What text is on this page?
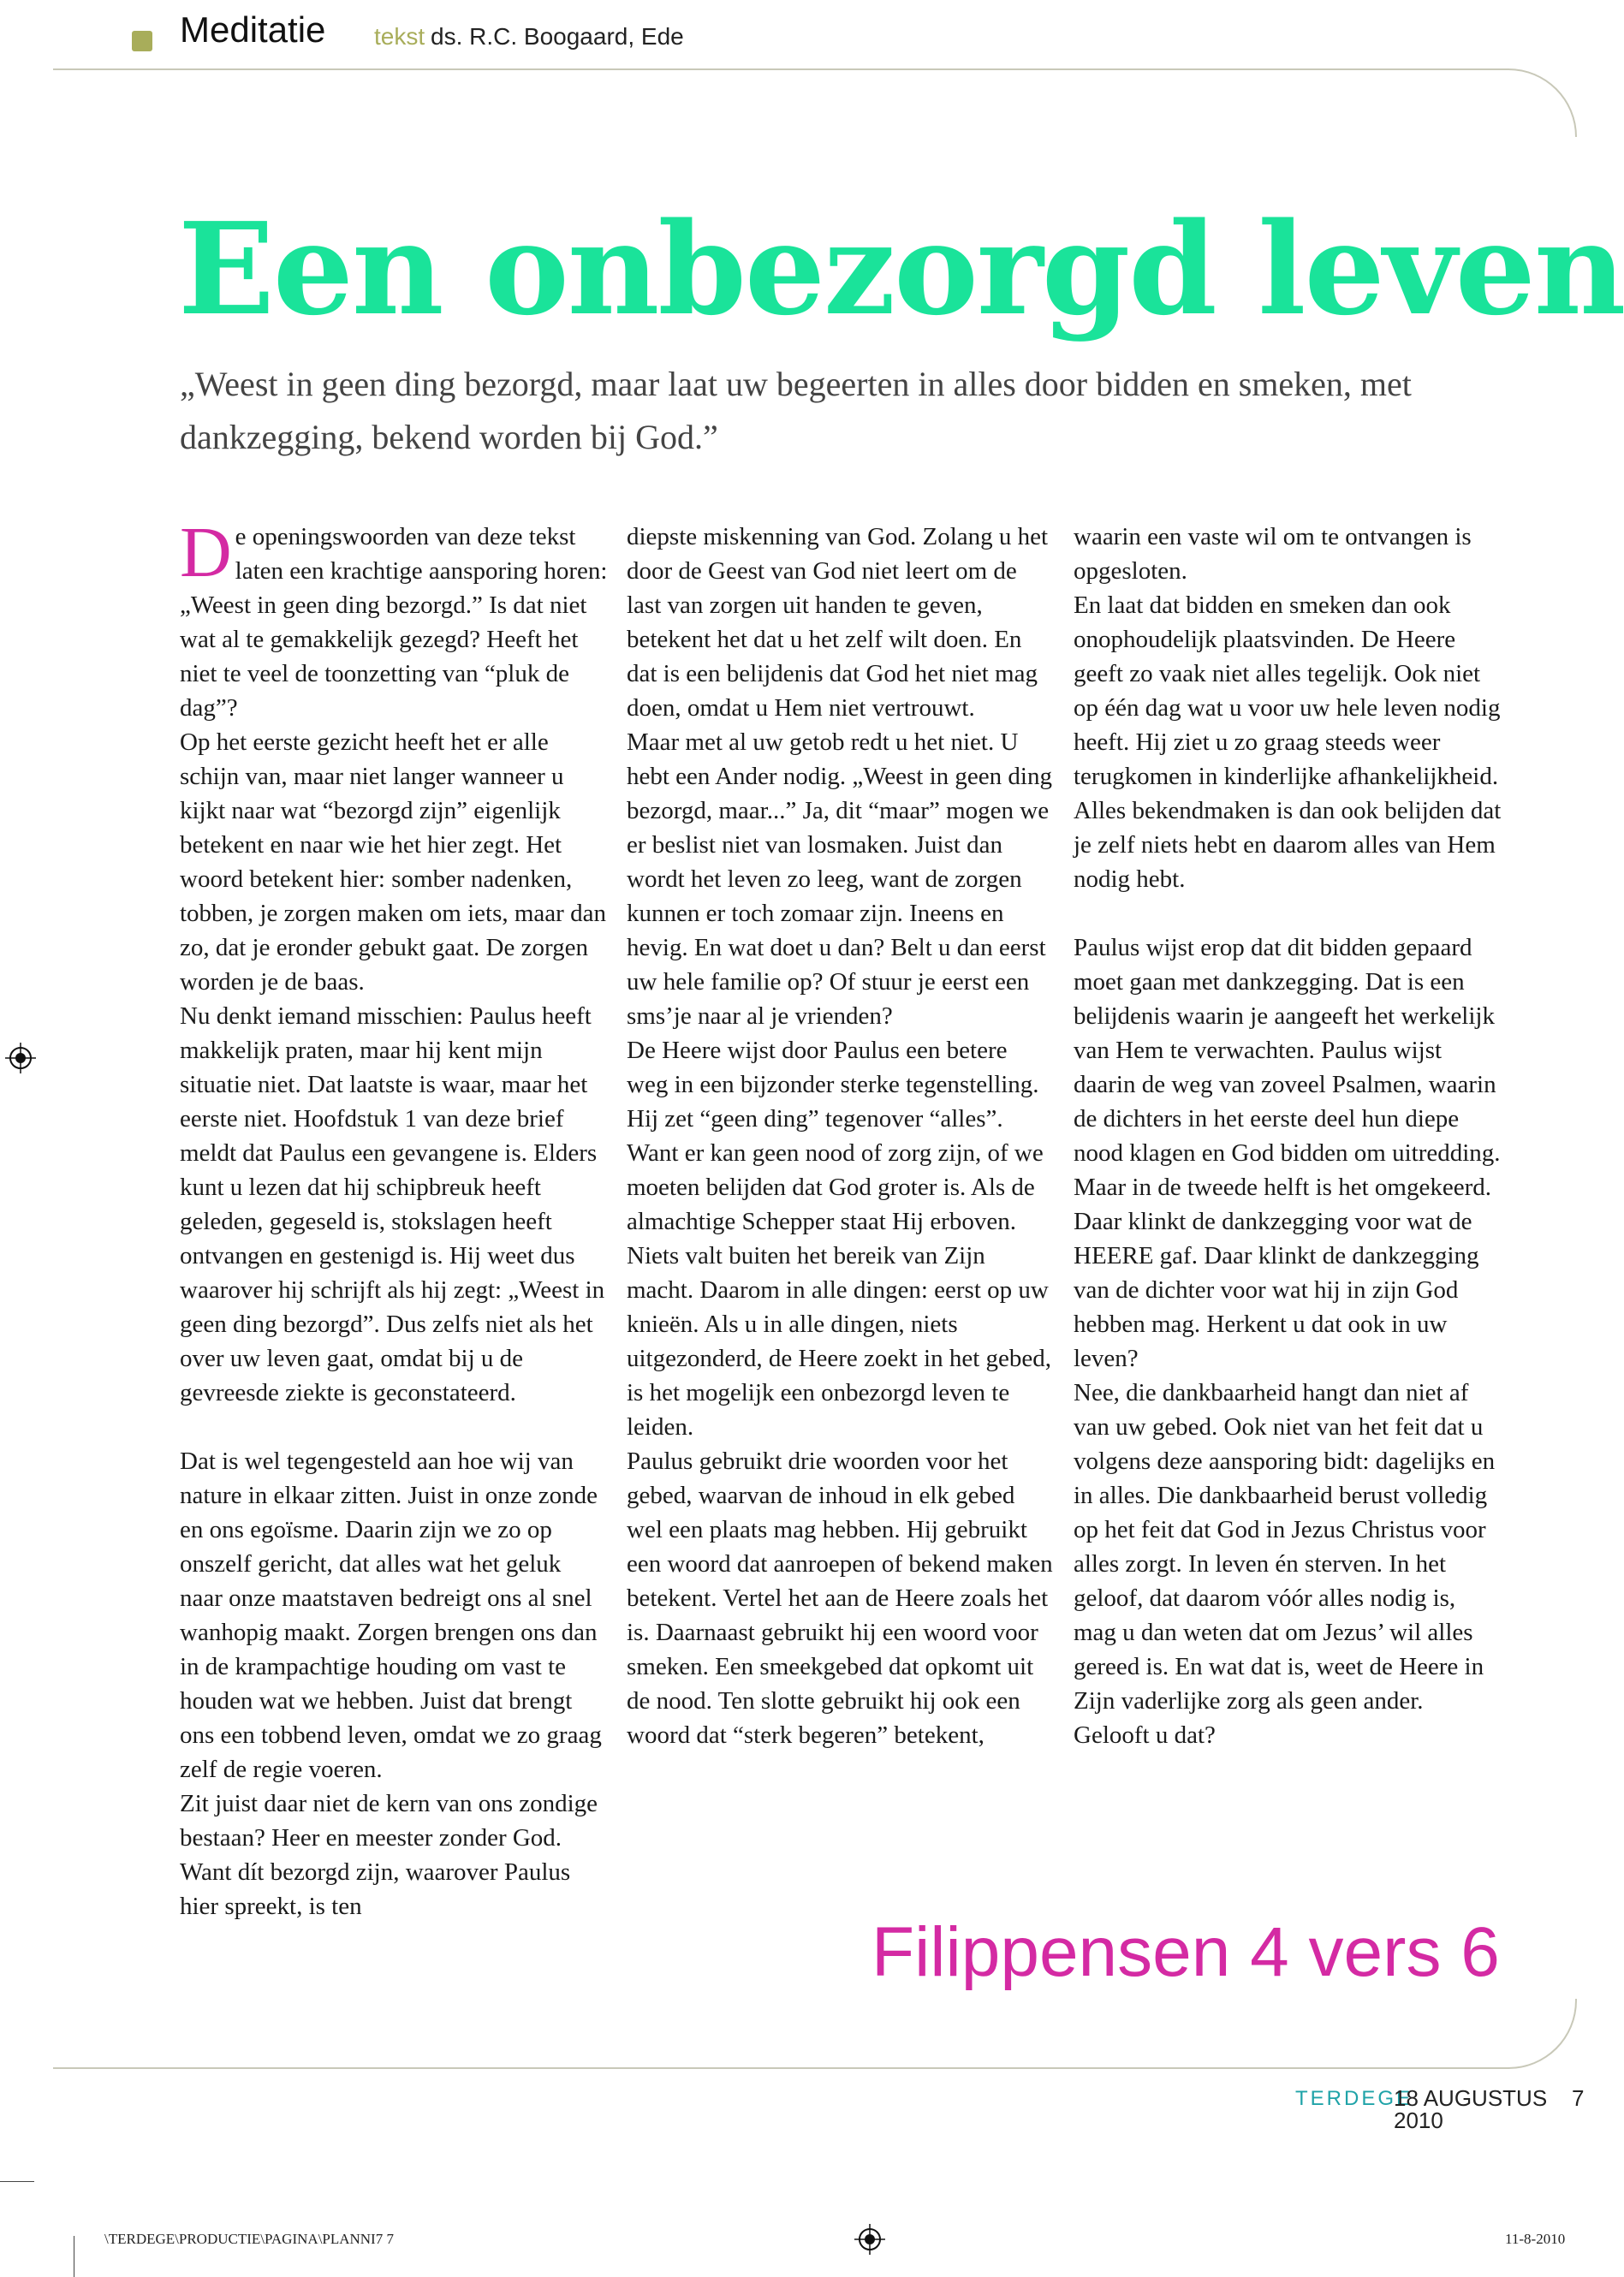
Meditatie tekst ds. R.C. Boogaard, Ede
Een onbezorgd leven
„Weest in geen ding bezorgd, maar laat uw begeerten in alles door bidden en smeken, met dankzegging, bekend worden bij God.”

De openingswoorden van deze tekst laten een krachtige aansporing horen: „Weest in geen ding bezorgd.” Is dat niet wat al te gemakkelijk gezegd? Heeft het niet te veel de toonzetting van “pluk de dag”?

Op het eerste gezicht heeft het er alle schijn van, maar niet langer wanneer u kijkt naar wat “bezorgd zijn” eigenlijk betekent en naar wie het hier zegt. Het woord betekent hier: somber nadenken, tobben, je zorgen maken om iets, maar dan zo, dat je eronder gebukt gaat. De zorgen worden je de baas.

Nu denkt iemand misschien: Paulus heeft makkelijk praten, maar hij kent mijn situatie niet. Dat laatste is waar, maar het eerste niet. Hoofdstuk 1 van deze brief meldt dat Paulus een gevangene is. Elders kunt u lezen dat hij schipbreuk heeft geleden, gegeseld is, stokslagen heeft ontvangen en gestenigd is. Hij weet dus waarover hij schrijft als hij zegt: „Weest in geen ding bezorgd”. Dus zelfs niet als het over uw leven gaat, omdat bij u de gevreesde ziekte is geconstateerd.

Dat is wel tegengesteld aan hoe wij van nature in elkaar zitten. Juist in onze zonde en ons egoïsme. Daarin zijn we zo op onszelf gericht, dat alles wat het geluk naar onze maatstaven bedreigt ons al snel wanhopig maakt. Zorgen brengen ons dan in de krampachtige houding om vast te houden wat we hebben. Juist dat brengt ons een tobbend leven, omdat we zo graag zelf de regie voeren.

Zit juist daar niet de kern van ons zondige bestaan? Heer en meester zonder God. Want dít bezorgd zijn, waarover Paulus hier spreekt, is ten

diepste miskenning van God. Zolang u het door de Geest van God niet leert om de last van zorgen uit handen te geven, betekent het dat u het zelf wilt doen. En dat is een belijdenis dat God het niet mag doen, omdat u Hem niet vertrouwt.

Maar met al uw getob redt u het niet. U hebt een Ander nodig. „Weest in geen ding bezorgd, maar...” Ja, dit “maar” mogen we er beslist niet van losmaken. Juist dan wordt het leven zo leeg, want de zorgen kunnen er toch zomaar zijn. Ineens en hevig. En wat doet u dan? Belt u dan eerst uw hele familie op? Of stuur je eerst een sms’je naar al je vrienden?

De Heere wijst door Paulus een betere weg in een bijzonder sterke tegenstelling. Hij zet “geen ding” tegenover “alles”. Want er kan geen nood of zorg zijn, of we moeten belijden dat God groter is. Als de almachtige Schepper staat Hij erboven. Niets valt buiten het bereik van Zijn macht. Daarom in alle dingen: eerst op uw knieën. Als u in alle dingen, niets uitgezonderd, de Heere zoekt in het gebed, is het mogelijk een onbezorgd leven te leiden.

Paulus gebruikt drie woorden voor het gebed, waarvan de inhoud in elk gebed wel een plaats mag hebben. Hij gebruikt een woord dat aanroepen of bekend maken betekent. Vertel het aan de Heere zoals het is. Daarnaast gebruikt hij een woord voor smeken. Een smeekgebed dat opkomt uit de nood. Ten slotte gebruikt hij ook een woord dat “sterk begeren” betekent,

waarin een vaste wil om te ontvangen is opgesloten.

En laat dat bidden en smeken dan ook onophoudelijk plaatsvinden. De Heere geeft zo vaak niet alles tegelijk. Ook niet op één dag wat u voor uw hele leven nodig heeft. Hij ziet u zo graag steeds weer terugkomen in kinderlijke afhankelijkheid. Alles bekendmaken is dan ook belijden dat je zelf niets hebt en daarom alles van Hem nodig hebt.

Paulus wijst erop dat dit bidden gepaard moet gaan met dankzegging. Dat is een belijdenis waarin je aangeeft het werkelijk van Hem te verwachten. Paulus wijst daarin de weg van zoveel Psalmen, waarin de dichters in het eerste deel hun diepe nood klagen en God bidden om uitredding. Maar in de tweede helft is het omgekeerd. Daar klinkt de dankzegging voor wat de HEERE gaf. Daar klinkt de dankzegging van de dichter voor wat hij in zijn God hebben mag. Herkent u dat ook in uw leven?

Nee, die dankbaarheid hangt dan niet af van uw gebed. Ook niet van het feit dat u volgens deze aansporing bidt: dagelijks en in alles. Die dankbaarheid berust volledig op het feit dat God in Jezus Christus voor alles zorgt. In leven én sterven. In het geloof, dat daarom vóór alles nodig is, mag u dan weten dat om Jezus’ wil alles gereed is. En wat dat is, weet de Heere in Zijn vaderlijke zorg als geen ander. Gelooft u dat?

Filippensen 4 vers 6
TERDEGE
18 AUGUSTUS 2010
7
\TERDEGE\PRODUCTIE\PAGINA\PLANNI7 7	11-8-2010
